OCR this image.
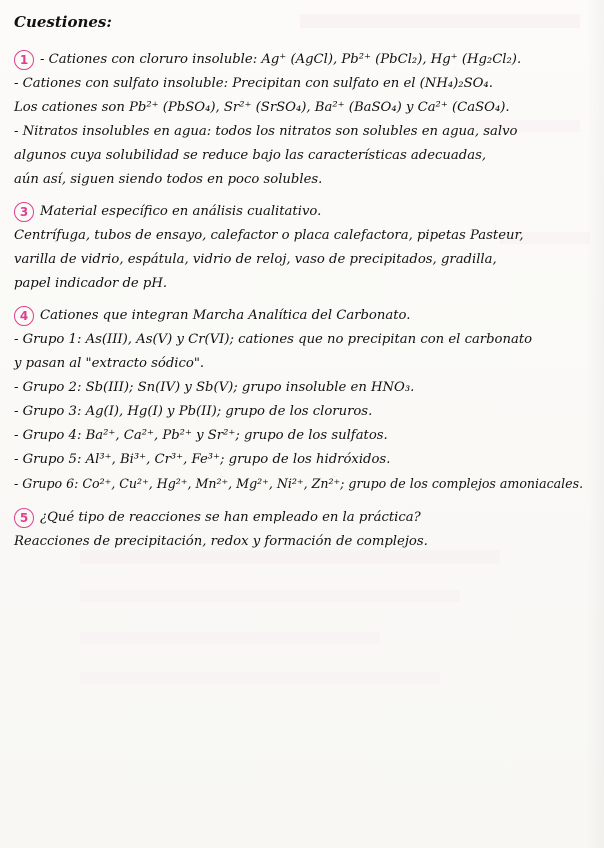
Cuestiones:
1 - Cationes con cloruro insoluble: Ag⁺ (AgCl), Pb²⁺ (PbCl₂), Hg⁺ (Hg₂Cl₂).
- Cationes con sulfato insoluble: Precipitan con sulfato en el (NH₄)₂SO₄.
Los cationes son Pb²⁺ (PbSO₄), Sr²⁺ (SrSO₄), Ba²⁺ (BaSO₄) y Ca²⁺ (CaSO₄).
- Nitratos insolubles en agua: todos los nitratos son solubles en agua, salvo
algunos cuya solubilidad se reduce bajo las características adecuadas,
aún así, siguen siendo todos en poco solubles.
3 Material específico en análisis cualitativo.
Centrífuga, tubos de ensayo, calefactor o placa calefactora, pipetas Pasteur,
varilla de vidrio, espátula, vidrio de reloj, vaso de precipitados, gradilla,
papel indicador de pH.
4 Cationes que integran Marcha Analítica del Carbonato.
- Grupo 1: As(III), As(V) y Cr(VI); cationes que no precipitan con el carbonato
y pasan al "extracto sódico".
- Grupo 2: Sb(III); Sn(IV) y Sb(V); grupo insoluble en HNO₃.
- Grupo 3: Ag(I), Hg(I) y Pb(II); grupo de los cloruros.
- Grupo 4: Ba²⁺, Ca²⁺, Pb²⁺ y Sr²⁺; grupo de los sulfatos.
- Grupo 5: Al³⁺, Bi³⁺, Cr³⁺, Fe³⁺; grupo de los hidróxidos.
- Grupo 6: Co²⁺, Cu²⁺, Hg²⁺, Mn²⁺, Mg²⁺, Ni²⁺, Zn²⁺; grupo de los complejos amoniacales.
5 ¿Qué tipo de reacciones se han empleado en la práctica?
Reacciones de precipitación, redox y formación de complejos.
